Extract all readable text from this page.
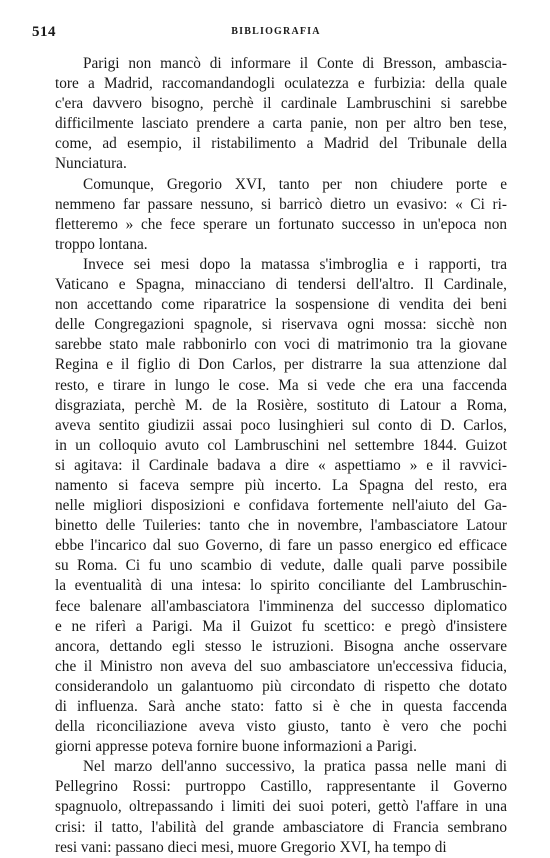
514	BIBLIOGRAFIA
Parigi non mancò di informare il Conte di Bresson, ambascia-
tore a Madrid, raccomandandogli oculatezza e furbizia: della quale
c'era davvero bisogno, perchè il cardinale Lambruschini si sarebbe
difficilmente lasciato prendere a carta panie, non per altro ben tese,
come, ad esempio, il ristabilimento a Madrid del Tribunale della
Nunciatura.
Comunque, Gregorio XVI, tanto per non chiudere porte e
nemmeno far passare nessuno, si barricò dietro un evasivo: « Ci ri-
fletteremo » che fece sperare un fortunato successo in un'epoca non
troppo lontana.
Invece sei mesi dopo la matassa s'imbroglia e i rapporti, tra
Vaticano e Spagna, minacciano di tendersi dell'altro. Il Cardinale,
non accettando come riparatrice la sospensione di vendita dei beni
delle Congregazioni spagnole, si riservava ogni mossa: sicchè non
sarebbe stato male rabbonirlo con voci di matrimonio tra la giovane
Regina e il figlio di Don Carlos, per distrarre la sua attenzione dal
resto, e tirare in lungo le cose. Ma si vede che era una faccenda
disgraziata, perchè M. de la Rosière, sostituto di Latour a Roma,
aveva sentito giudizii assai poco lusinghieri sul conto di D. Carlos,
in un colloquio avuto col Lambruschini nel settembre 1844. Guizot
si agitava: il Cardinale badava a dire « aspettiamo » e il ravvici-
namento si faceva sempre più incerto. La Spagna del resto, era
nelle migliori disposizioni e confidava fortemente nell'aiuto del Ga-
binetto delle Tuileries: tanto che in novembre, l'ambasciatore Latour
ebbe l'incarico dal suo Governo, di fare un passo energico ed efficace
su Roma. Ci fu uno scambio di vedute, dalle quali parve possibile
la eventualità di una intesa: lo spirito conciliante del Lambruschin-
fece balenare all'ambasciatora l'imminenza del successo diplomatico
e ne riferì a Parigi. Ma il Guizot fu scettico: e pregò d'insistere
ancora, dettando egli stesso le istruzioni. Bisogna anche osservare
che il Ministro non aveva del suo ambasciatore un'eccessiva fiducia,
considerandolo un galantuomo più circondato di rispetto che dotato
di influenza. Sarà anche stato: fatto si è che in questa faccenda
della riconciliazione aveva visto giusto, tanto è vero che pochi
giorni appresse poteva fornire buone informazioni a Parigi.
Nel marzo dell'anno successivo, la pratica passa nelle mani di
Pellegrino Rossi: purtroppo Castillo, rappresentante il Governo
spagnuolo, oltrepassando i limiti dei suoi poteri, gettò l'affare in una
crisi: il tatto, l'abilità del grande ambasciatore di Francia sembrano
resi vani: passano dieci mesi, muore Gregorio XVI, ha tempo di
